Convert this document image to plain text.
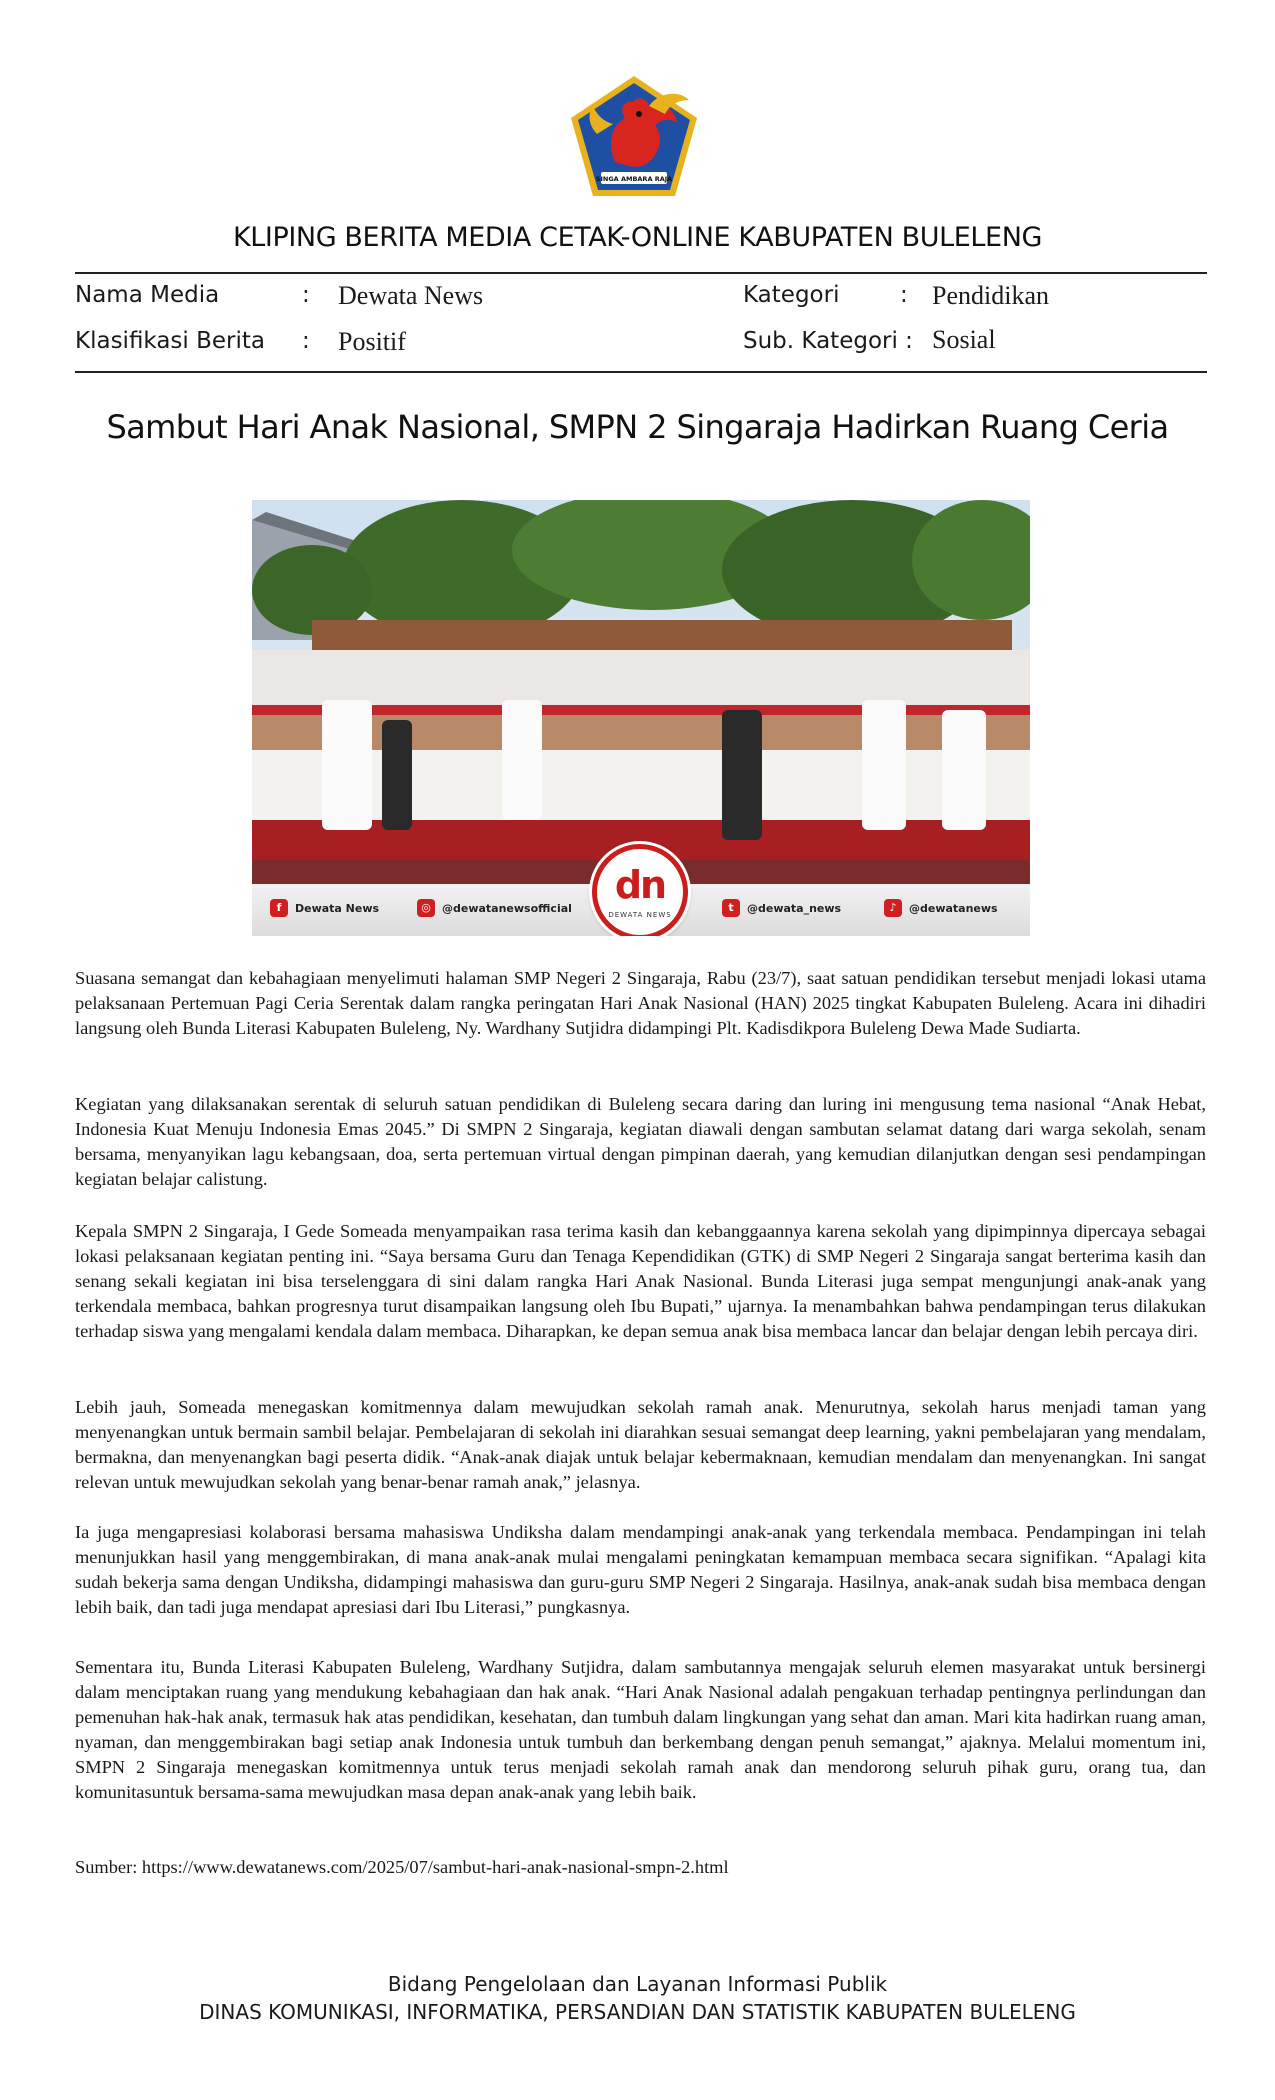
SINGA AMBARA RAJA
KLIPING BERITA MEDIA CETAK-ONLINE KABUPATEN BULELENG
Nama Media	: Dewata News
Klasifikasi Berita : Positif
Kategori	: Pendidikan
Sub. Kategori : Sosial
Sambut Hari Anak Nasional, SMPN 2 Singaraja Hadirkan Ruang Ceria
f	Dewata News	◎	@dewatanewsofficial
dn
DEWATA NEWS
t	@dewata_news	♪	@dewatanews

Suasana semangat dan kebahagiaan menyelimuti halaman SMP Negeri 2 Singaraja, Rabu (23/7), saat satuan pendidikan tersebut menjadi lokasi utama pelaksanaan Pertemuan Pagi Ceria Serentak dalam rangka peringatan Hari Anak Nasional (HAN) 2025 tingkat Kabupaten Buleleng. Acara ini dihadiri langsung oleh Bunda Literasi Kabupaten Buleleng, Ny. Wardhany Sutjidra didampingi Plt. Kadisdikpora Buleleng Dewa Made Sudiarta.

Kegiatan yang dilaksanakan serentak di seluruh satuan pendidikan di Buleleng secara daring dan luring ini mengusung tema nasional “Anak Hebat, Indonesia Kuat Menuju Indonesia Emas 2045.” Di SMPN 2 Singaraja, kegiatan diawali dengan sambutan selamat datang dari warga sekolah, senam bersama, menyanyikan lagu kebangsaan, doa, serta pertemuan virtual dengan pimpinan daerah, yang kemudian dilanjutkan dengan sesi pendampingan kegiatan belajar calistung.

Kepala SMPN 2 Singaraja, I Gede Someada menyampaikan rasa terima kasih dan kebanggaannya karena sekolah yang dipimpinnya dipercaya sebagai lokasi pelaksanaan kegiatan penting ini. “Saya bersama Guru dan Tenaga Kependidikan (GTK) di SMP Negeri 2 Singaraja sangat berterima kasih dan senang sekali kegiatan ini bisa terselenggara di sini dalam rangka Hari Anak Nasional. Bunda Literasi juga sempat mengunjungi anak-anak yang terkendala membaca, bahkan progresnya turut disampaikan langsung oleh Ibu Bupati,” ujarnya. Ia menambahkan bahwa pendampingan terus dilakukan terhadap siswa yang mengalami kendala dalam membaca. Diharapkan, ke depan semua anak bisa membaca lancar dan belajar dengan lebih percaya diri.

Lebih jauh, Someada menegaskan komitmennya dalam mewujudkan sekolah ramah anak. Menurutnya, sekolah harus menjadi taman yang menyenangkan untuk bermain sambil belajar. Pembelajaran di sekolah ini diarahkan sesuai semangat deep learning, yakni pembelajaran yang mendalam, bermakna, dan menyenangkan bagi peserta didik. “Anak-anak diajak untuk belajar kebermaknaan, kemudian mendalam dan menyenangkan. Ini sangat relevan untuk mewujudkan sekolah yang benar-benar ramah anak,” jelasnya.

Ia juga mengapresiasi kolaborasi bersama mahasiswa Undiksha dalam mendampingi anak-anak yang terkendala membaca. Pendampingan ini telah menunjukkan hasil yang menggembirakan, di mana anak-anak mulai mengalami peningkatan kemampuan membaca secara signifikan. “Apalagi kita sudah bekerja sama dengan Undiksha, didampingi mahasiswa dan guru-guru SMP Negeri 2 Singaraja. Hasilnya, anak-anak sudah bisa membaca dengan lebih baik, dan tadi juga mendapat apresiasi dari Ibu Literasi,” pungkasnya.

Sementara itu, Bunda Literasi Kabupaten Buleleng, Wardhany Sutjidra, dalam sambutannya mengajak seluruh elemen masyarakat untuk bersinergi dalam menciptakan ruang yang mendukung kebahagiaan dan hak anak. “Hari Anak Nasional adalah pengakuan terhadap pentingnya perlindungan dan pemenuhan hak-hak anak, termasuk hak atas pendidikan, kesehatan, dan tumbuh dalam lingkungan yang sehat dan aman. Mari kita hadirkan ruang aman, nyaman, dan menggembirakan bagi setiap anak Indonesia untuk tumbuh dan berkembang dengan penuh semangat,” ajaknya. Melalui momentum ini, SMPN 2 Singaraja menegaskan komitmennya untuk terus menjadi sekolah ramah anak dan mendorong seluruh pihak guru, orang tua, dan komunitasuntuk bersama-sama mewujudkan masa depan anak-anak yang lebih baik.

Sumber: https://www.dewatanews.com/2025/07/sambut-hari-anak-nasional-smpn-2.html

Bidang Pengelolaan dan Layanan Informasi Publik
DINAS KOMUNIKASI, INFORMATIKA, PERSANDIAN DAN STATISTIK KABUPATEN BULELENG
